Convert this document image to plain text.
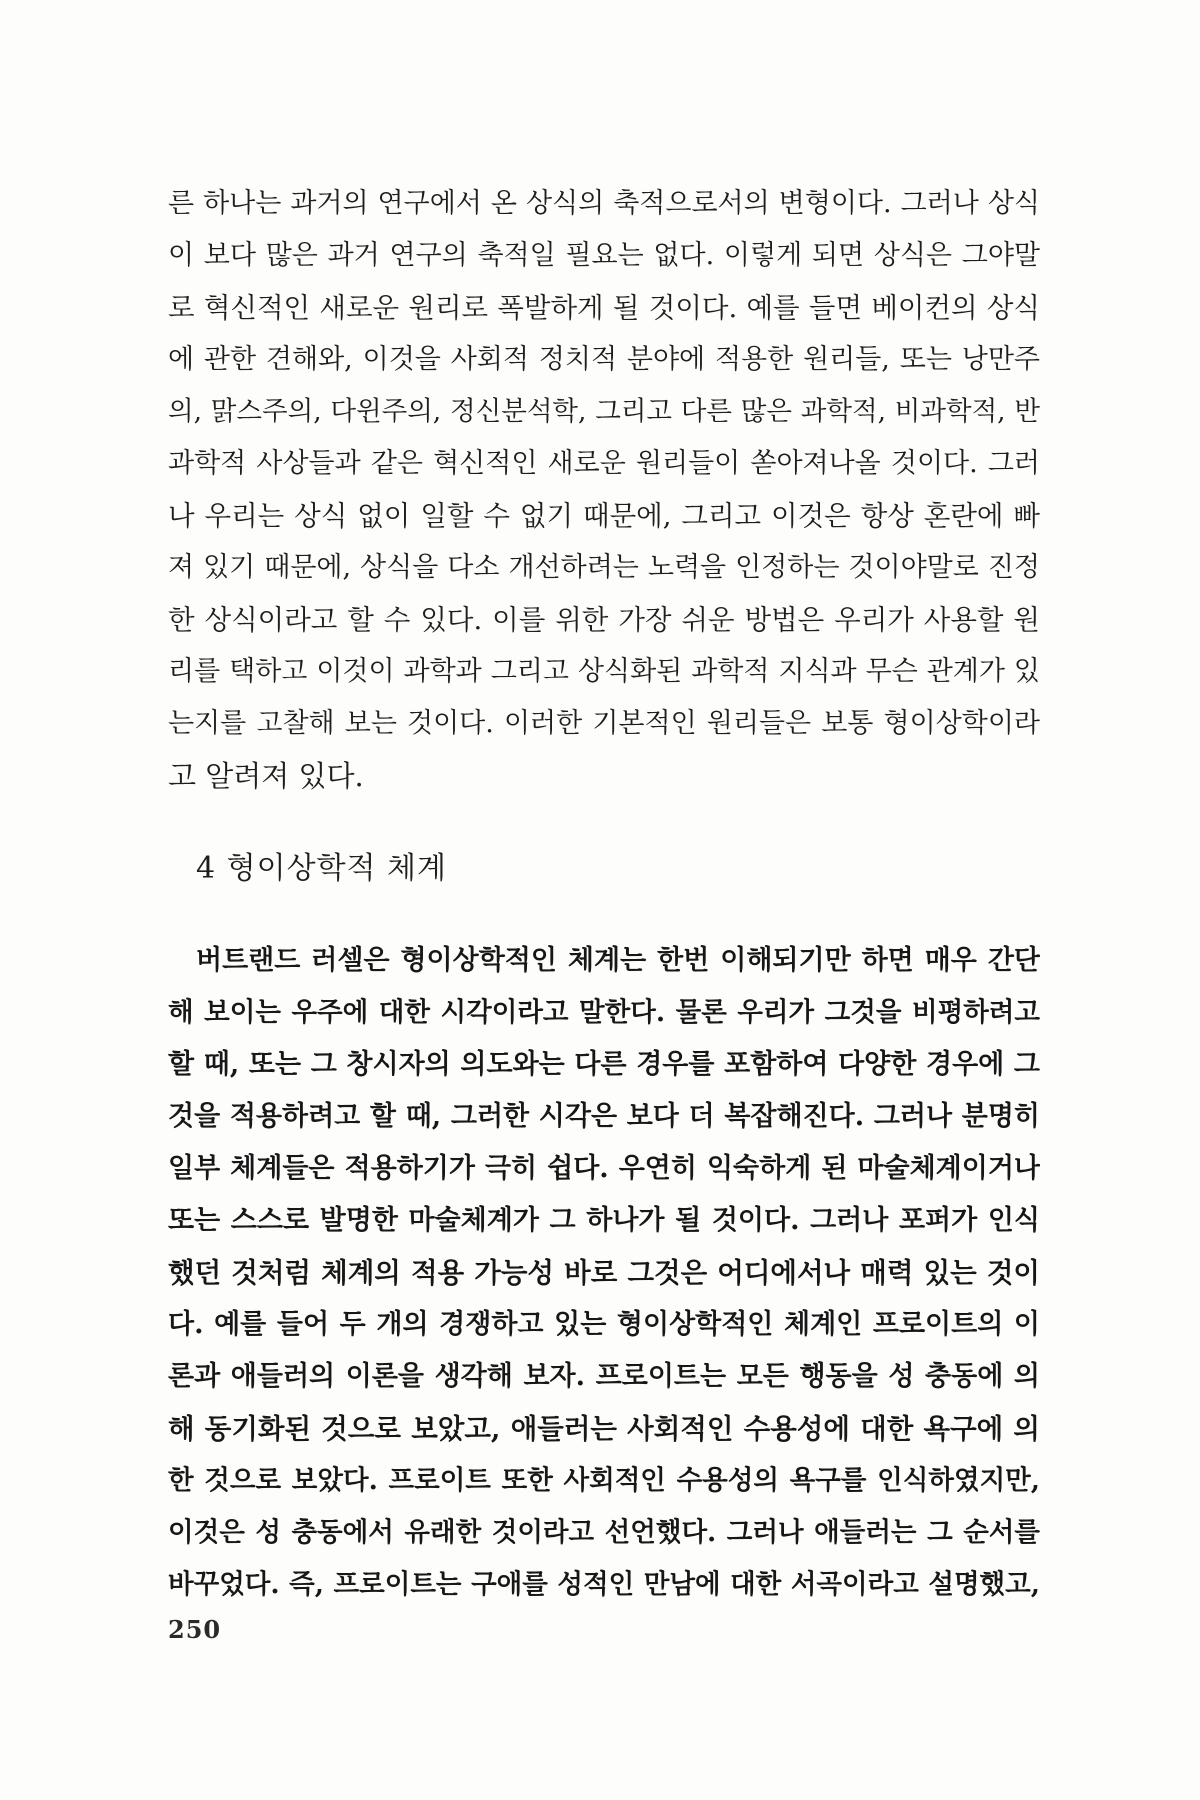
른 하나는 과거의 연구에서 온 상식의 축적으로서의 변형이다. 그러나 상식
이 보다 많은 과거 연구의 축적일 필요는 없다. 이렇게 되면 상식은 그야말
로 혁신적인 새로운 원리로 폭발하게 될 것이다. 예를 들면 베이컨의 상식
에 관한 견해와, 이것을 사회적 정치적 분야에 적용한 원리들, 또는 낭만주
의, 맑스주의, 다윈주의, 정신분석학, 그리고 다른 많은 과학적, 비과학적, 반
과학적 사상들과 같은 혁신적인 새로운 원리들이 쏟아져나올 것이다. 그러
나 우리는 상식 없이 일할 수 없기 때문에, 그리고 이것은 항상 혼란에 빠
져 있기 때문에, 상식을 다소 개선하려는 노력을 인정하는 것이야말로 진정
한 상식이라고 할 수 있다. 이를 위한 가장 쉬운 방법은 우리가 사용할 원
리를 택하고 이것이 과학과 그리고 상식화된 과학적 지식과 무슨 관계가 있
는지를 고찰해 보는 것이다. 이러한 기본적인 원리들은 보통 형이상학이라
고 알려져 있다.
4 형이상학적 체계
버트랜드 러셀은 형이상학적인 체계는 한번 이해되기만 하면 매우 간단
해 보이는 우주에 대한 시각이라고 말한다. 물론 우리가 그것을 비평하려고
할 때, 또는 그 창시자의 의도와는 다른 경우를 포함하여 다양한 경우에 그
것을 적용하려고 할 때, 그러한 시각은 보다 더 복잡해진다. 그러나 분명히
일부 체계들은 적용하기가 극히 쉽다. 우연히 익숙하게 된 마술체계이거나
또는 스스로 발명한 마술체계가 그 하나가 될 것이다. 그러나 포퍼가 인식
했던 것처럼 체계의 적용 가능성 바로 그것은 어디에서나 매력 있는 것이
다. 예를 들어 두 개의 경쟁하고 있는 형이상학적인 체계인 프로이트의 이
론과 애들러의 이론을 생각해 보자. 프로이트는 모든 행동을 성 충동에 의
해 동기화된 것으로 보았고, 애들러는 사회적인 수용성에 대한 욕구에 의
한 것으로 보았다. 프로이트 또한 사회적인 수용성의 욕구를 인식하였지만,
이것은 성 충동에서 유래한 것이라고 선언했다. 그러나 애들러는 그 순서를
바꾸었다. 즉, 프로이트는 구애를 성적인 만남에 대한 서곡이라고 설명했고,
250
